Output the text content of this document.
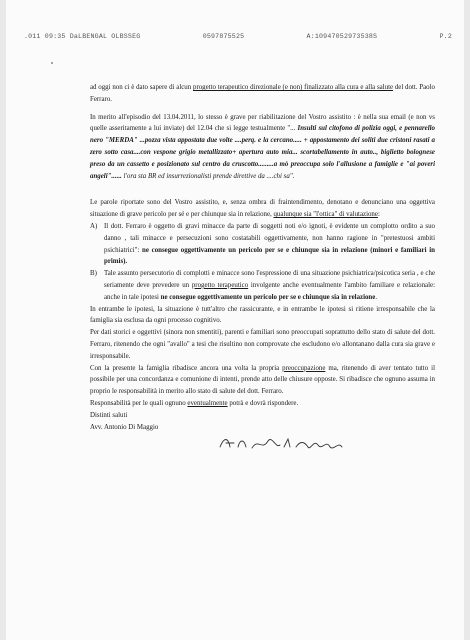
.011 09:35 DaLBENGAL OLBSSEG	0597875525	A:10947052973538S	P.2

ad oggi non ci è dato sapere di alcun progetto terapeutico direzionale (e non) finalizzato alla cura e alla salute del dott. Paolo Ferraro.

In merito all'episodio del 13.04.2011, lo stesso è grave per riabilitazione del Vostro assistito : è nella sua email (e non vs quelle asseritamente a lui inviate) del 12.04 che si legge testualmente "... Insulti sul citofono di polizia oggi, e pennarello nero "MERDA" ...pozza vista appostata due volte ....perq. e la cercano..... + appostamento dei soliti due cristoni rasati a zero sotto casa....con vespone grigio metallizzato+ apertura auto mia... scortabellamento in auto.., biglietto bolognese preso da un cassetto e posizionato sul centro da cruscotto.........a mò preoccupa solo l'allusione a famiglie e "ai poveri angeli"...... l'ora sta BR ed insurrezionalisti prende direttive da ....chi sa".

Le parole riportate sono del Vostro assistito, e, senza ombra di fraintendimento, denotano e denunciano una oggettiva situazione di grave pericolo per sé e per chiunque sia in relazione, qualunque sia "l'ottica" di valutazione:

A) Il dott. Ferraro è oggetto di gravi minacce da parte di soggetti noti e/o ignoti, è evidente un complotto ordito a suo danno , tali minacce e persecuzioni sono costatabili oggettivamente, non hanno ragione in "pretestuosi ambiti psichiatrici": ne consegue oggettivamente un pericolo per se e chiunque sia in relazione (minori e familiari in primis).
B)	Tale assunto persecutorio di complotti e minacce sono l'espressione di una situazione psichiatrica/psicotica seria , e che seriamente deve prevedere un progetto terapeutico involgente anche eventualmente l'ambito familiare e relazionale: anche in tale ipotesi ne consegue oggettivamente un pericolo per se e chiunque sia in relazione.

In entrambe le ipotesi, la situazione è tutt'altro che rassicurante, e in entrambe le ipotesi si ritiene irresponsabile che la famiglia sia esclusa da ogni processo cognitivo.

Per dati storici e oggettivi (sinora non smentiti), parenti e familiari sono preoccupati soprattutto dello stato di salute del dott. Ferraro, ritenendo che ogni "avallo" a tesi che risultino non comprovate che escludono e/o allontanano dalla cura sia grave e irresponsabile.

Con la presente la famiglia ribadisce ancora una volta la propria preoccupazione ma, ritenendo di aver tentato tutto il possibile per una concordanza e comunione di intenti, prende atto delle chiusure opposte. Si ribadisce che ognuno assuma in proprio le responsabilità in merito allo stato di salute del dott. Ferraro.

Responsabilità per le quali ognuno eventualmente potrà e dovrà rispondere.

Distinti saluti

Avv. Antonio Di Maggio
